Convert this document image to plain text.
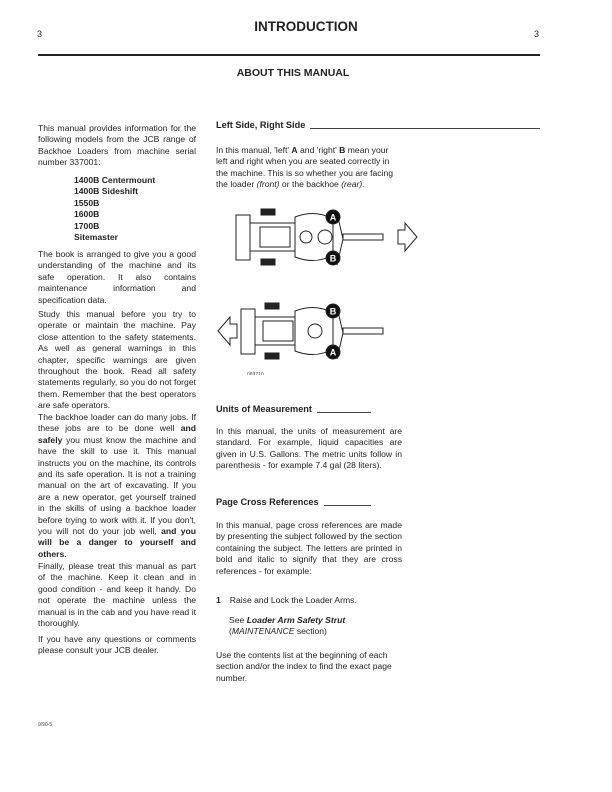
3	INTRODUCTION	3
ABOUT THIS MANUAL
This manual provides information for the following models from the JCB range of Backhoe Loaders from machine serial number 337001:
1400B Centermount
1400B Sideshift
1550B
1600B
1700B
Sitemaster
The book is arranged to give you a good understanding of the machine and its safe operation. It also contains maintenance information and specification data.
Study this manual before you try to operate or maintain the machine. Pay close attention to the safety statements. As well as general warnings in this chapter, specific warnings are given throughout the book. Read all safety statements regularly, so you do not forget them. Remember that the best operators are safe operators.
The backhoe loader can do many jobs. If these jobs are to be done well and safely you must know the machine and have the skill to use it. This manual instructs you on the machine, its controls and its safe operation. It is not a training manual on the art of excavating. If you are a new operator, get yourself trained in the skills of using a backhoe loader before trying to work with it. If you don't, you will not do your job well, and you will be a danger to yourself and others.
Finally, please treat this manual as part of the machine. Keep it clean and in good condition - and keep it handy. Do not operate the machine unless the manual is in the cab and you have read it thoroughly.
If you have any questions or comments please consult your JCB dealer.
Left Side, Right Side
In this manual, 'left' A and 'right' B mean your left and right when you are seated correctly in the machine. This is so whether you are facing the loader (front) or the backhoe (rear).
A
B
B
A
069710
Units of Measurement
In this manual, the units of measurement are standard. For example, liquid capacities are given in U.S. Gallons. The metric units follow in parenthesis - for example 7.4 gal (28 liters).
Page Cross References
In this manual, page cross references are made by presenting the subject followed by the section containing the subject. The letters are printed in bold and italic to signify that they are cross references - for example:
1 Raise and Lock the Loader Arms.
See Loader Arm Safety Strut
(MAINTENANCE section)
Use the contents list at the beginning of each section and/or the index to find the exact page number.
9/90-5
